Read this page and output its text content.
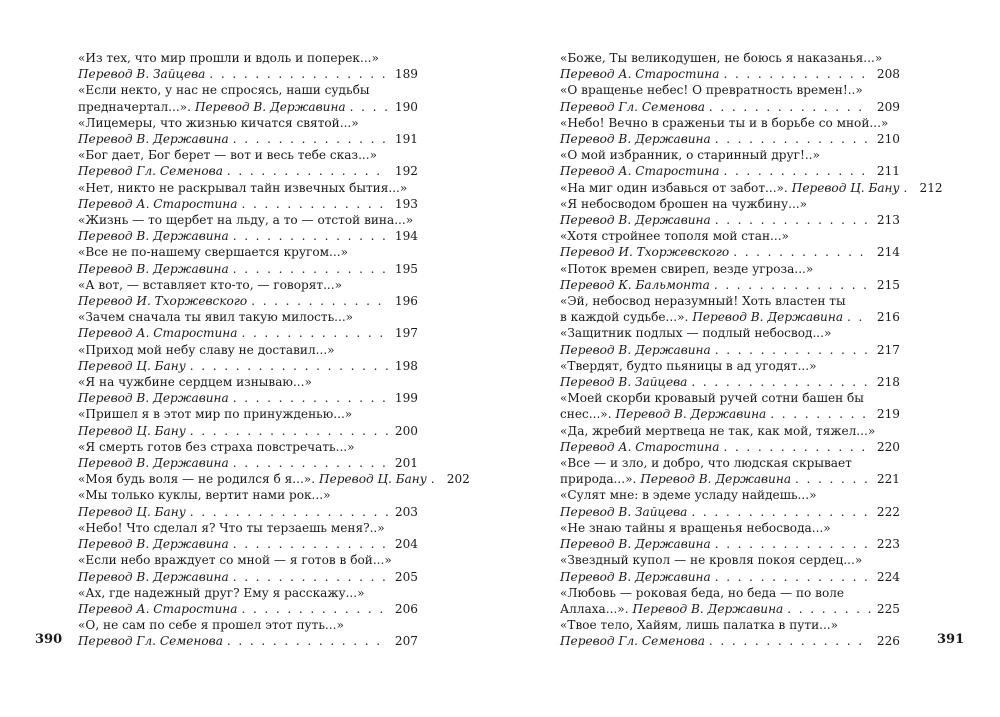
«Из тех, что мир прошли и вдоль и поперек...»
Перевод В. Зайцева . . .	189
«Если некто, у нас не спросясь, наши судьбы
предначертал...». Перевод В. Державина . . .	190
«Лицемеры, что жизнью кичатся святой...»
Перевод В. Державина . . .	191
«Бог дает, Бог берет — вот и весь тебе сказ...»
Перевод Гл. Семенова . . .	192
«Нет, никто не раскрывал тайн извечных бытия...»
Перевод А. Старостина . . .	193
«Жизнь — то щербет на льду, а то — отстой вина...»
Перевод В. Державина . . .	194
«Все не по-нашему свершается кругом...»
Перевод В. Державина . . .	195
«А вот, — вставляет кто-то, — говорят...»
Перевод И. Тхоржевского . . .	196
«Зачем сначала ты явил такую милость...»
Перевод А. Старостина . . .	197
«Приход мой небу славу не доставил...»
Перевод Ц. Бану . . .	198
«Я на чужбине сердцем изнываю...»
Перевод В. Державина . . .	199
«Пришел я в этот мир по принужденью...»
Перевод Ц. Бану . . .	200
«Я смерть готов без страха повстречать...»
Перевод В. Державина . . .	201
«Моя будь воля — не родился б я...». Перевод Ц. Бану . . . 202
«Мы только куклы, вертит нами рок...»
Перевод Ц. Бану . . .	203
«Небо! Что сделал я? Что ты терзаешь меня?..»
Перевод В. Державина . . .	204
«Если небо враждует со мной — я готов в бой...»
Перевод В. Державина . . .	205
«Ах, где надежный друг? Ему я расскажу...»
Перевод А. Старостина . . .	206
«О, не сам по себе я прошел этот путь...»
Перевод Гл. Семенова . . .	207
«Боже, Ты великодушен, не боюсь я наказанья...»
Перевод А. Старостина . . .	208
«О вращенье небес! О превратность времен!..»
Перевод Гл. Семенова . . .	209
«Небо! Вечно в сраженьи ты и в борьбе со мной...»
Перевод В. Державина . . .	210
«О мой избранник, о старинный друг!..»
Перевод А. Старостина . . .	211
«На миг один избавься от забот...». Перевод Ц. Бану . . . 212
«Я небосводом брошен на чужбину...»
Перевод В. Державина . . .	213
«Хотя стройнее тополя мой стан...»
Перевод И. Тхоржевского . . .	214
«Поток времен свиреп, везде угроза...»
Перевод К. Бальмонта . . .	215
«Эй, небосвод неразумный! Хоть властен ты
в каждой судьбе...». Перевод В. Державина . . .	216
«Защитник подлых — подлый небосвод...»
Перевод В. Державина . . .	217
«Твердят, будто пьяницы в ад угодят...»
Перевод В. Зайцева . . .	218
«Моей скорби кровавый ручей сотни башен бы
снес...». Перевод В. Державина . . .	219
«Да, жребий мертвеца не так, как мой, тяжел...»
Перевод А. Старостина . . .	220
«Все — и зло, и добро, что людская скрывает
природа...». Перевод В. Державина . . .	221
«Сулят мне: в эдеме усладу найдешь...»
Перевод В. Зайцева . . .	222
«Не знаю тайны я вращенья небосвода...»
Перевод В. Державина . . .	223
«Звездный купол — не кровля покоя сердец...»
Перевод В. Державина . . .	224
«Любовь — роковая беда, но беда — по воле
Аллаха...». Перевод В. Державина . . .	225
«Твое тело, Хайям, лишь палатка в пути...»
Перевод Гл. Семенова . . .	226
390	391
